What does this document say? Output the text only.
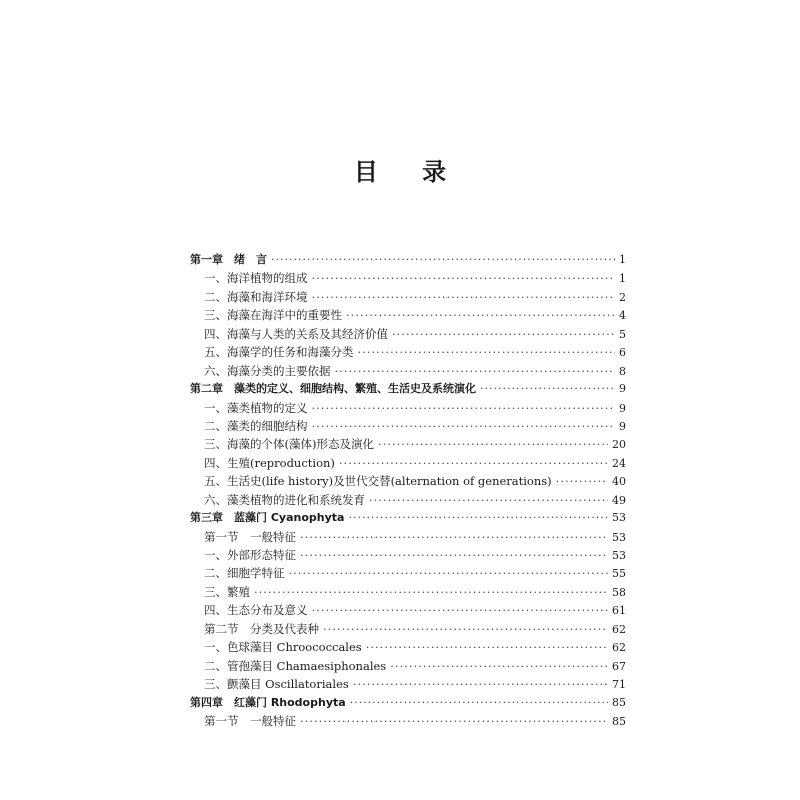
目 录
第一章　绪　言 ·····	1
一、海洋植物的组成 ·····	1
二、海藻和海洋环境 ·····	2
三、海藻在海洋中的重要性 ·····	4
四、海藻与人类的关系及其经济价值 ·····	5
五、海藻学的任务和海藻分类 ·····	6
六、海藻分类的主要依据 ·····	8
第二章　藻类的定义、细胞结构、繁殖、生活史及系统演化 ·····	9
一、藻类植物的定义 ·····	9
二、藻类的细胞结构 ·····	9
三、海藻的个体(藻体)形态及演化 ·····	20
四、生殖(reproduction) ·····	24
五、生活史(life history)及世代交替(alternation of generations) ·····	40
六、藻类植物的进化和系统发育 ·····	49
第三章　蓝藻门 Cyanophyta ·····	53
第一节　一般特征 ·····	53
一、外部形态特征 ·····	53
二、细胞学特征 ·····	55
三、繁殖 ·····	58
四、生态分布及意义 ·····	61
第二节　分类及代表种 ·····	62
一、色球藻目 Chroococcales ·····	62
二、管孢藻目 Chamaesiphonales ·····	67
三、颤藻目 Oscillatoriales ·····	71
第四章　红藻门 Rhodophyta ·····	85
第一节　一般特征 ·····	85
